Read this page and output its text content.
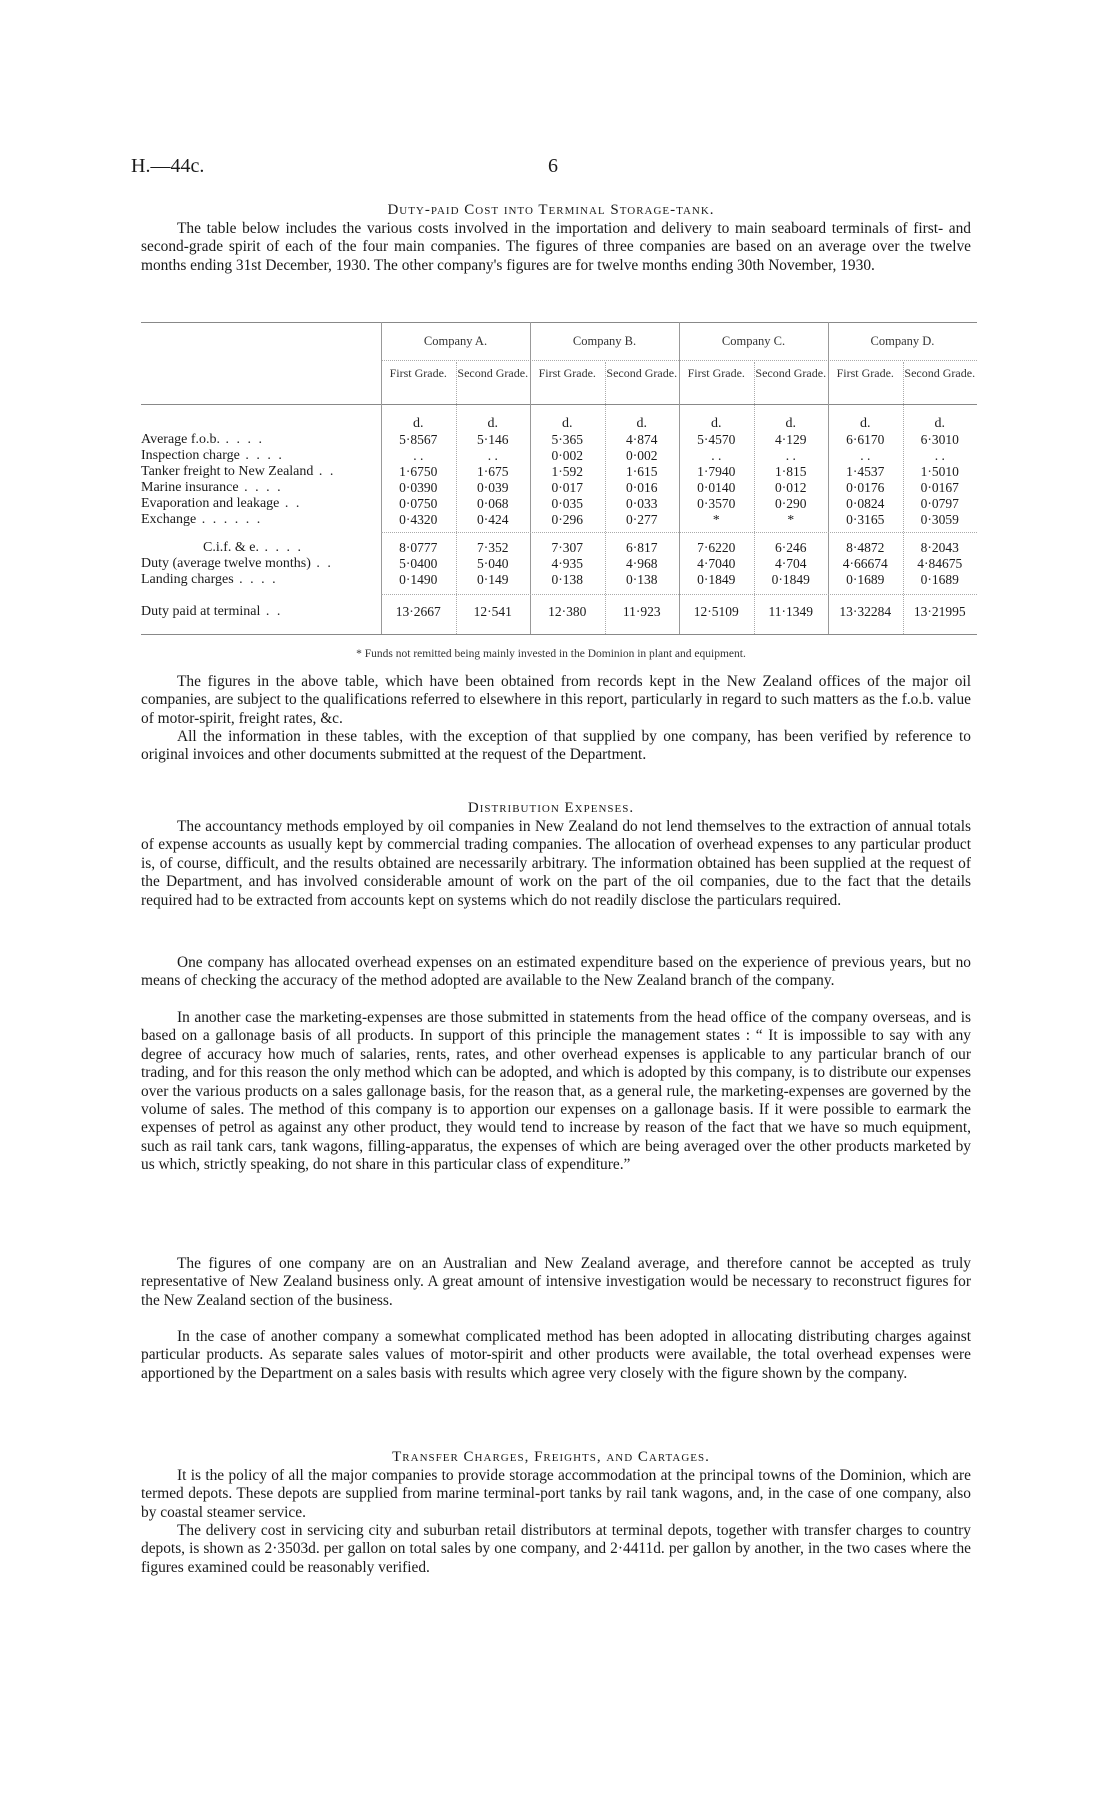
H.—44c.	6
Duty-paid Cost into Terminal Storage-tank.

The table below includes the various costs involved in the importation and delivery to main seaboard terminals of first- and second-grade spirit of each of the four main companies. The figures of three companies are based on an average over the twelve months ending 31st December, 1930. The other company's figures are for twelve months ending 30th November, 1930.

Company A.
First Grade. Second Grade.
Company B.
First Grade. Second Grade.
Company C.
First Grade. Second Grade.
Company D.
First Grade. Second Grade.
d.	d.	d.	d.	d.	d.	d.	d.
Average f.o.b. . . . .	5·8567	5·146	5·365	4·874	5·4570	4·129	6·6170	6·3010
Inspection charge . . . .	. .	. .	0·002	0·002	. .	. .	. .	. .
Tanker freight to New Zealand . .	1·6750	1·675	1·592	1·615	1·7940	1·815	1·4537	1·5010
Marine insurance . . . .	0·0390	0·039	0·017	0·016	0·0140	0·012	0·0176	0·0167
Evaporation and leakage . .	0·0750	0·068	0·035	0·033	0·3570	0·290	0·0824	0·0797
Exchange . . . . . .	0·4320	0·424	0·296	0·277	*	*	0·3165	0·3059
C.i.f. & e. . . . .	8·0777	7·352	7·307	6·817	7·6220	6·246	8·4872	8·2043
Duty (average twelve months) . .	5·0400	5·040	4·935	4·968	4·7040	4·704	4·66674	4·84675
Landing charges . . . .	0·1490	0·149	0·138	0·138	0·1849	0·1849	0·1689	0·1689
Duty paid at terminal . .	13·2667	12·541	12·380	11·923	12·5109	11·1349	13·32284	13·21995
* Funds not remitted being mainly invested in the Dominion in plant and equipment.

The figures in the above table, which have been obtained from records kept in the New Zealand offices of the major oil companies, are subject to the qualifications referred to elsewhere in this report, particularly in regard to such matters as the f.o.b. value of motor-spirit, freight rates, &c.

All the information in these tables, with the exception of that supplied by one company, has been verified by reference to original invoices and other documents submitted at the request of the Department.

Distribution Expenses.

The accountancy methods employed by oil companies in New Zealand do not lend themselves to the extraction of annual totals of expense accounts as usually kept by commercial trading companies. The allocation of overhead expenses to any particular product is, of course, difficult, and the results obtained are necessarily arbitrary. The information obtained has been supplied at the request of the Department, and has involved considerable amount of work on the part of the oil companies, due to the fact that the details required had to be extracted from accounts kept on systems which do not readily disclose the particulars required.

One company has allocated overhead expenses on an estimated expenditure based on the experience of previous years, but no means of checking the accuracy of the method adopted are available to the New Zealand branch of the company.

In another case the marketing-expenses are those submitted in statements from the head office of the company overseas, and is based on a gallonage basis of all products. In support of this principle the management states : “ It is impossible to say with any degree of accuracy how much of salaries, rents, rates, and other overhead expenses is applicable to any particular branch of our trading, and for this reason the only method which can be adopted, and which is adopted by this company, is to distribute our expenses over the various products on a sales gallonage basis, for the reason that, as a general rule, the marketing-expenses are governed by the volume of sales. The method of this company is to apportion our expenses on a gallonage basis. If it were possible to earmark the expenses of petrol as against any other product, they would tend to increase by reason of the fact that we have so much equipment, such as rail tank cars, tank wagons, filling-apparatus, the expenses of which are being averaged over the other products marketed by us which, strictly speaking, do not share in this particular class of expenditure.”

The figures of one company are on an Australian and New Zealand average, and therefore cannot be accepted as truly representative of New Zealand business only. A great amount of intensive investigation would be necessary to reconstruct figures for the New Zealand section of the business.

In the case of another company a somewhat complicated method has been adopted in allocating distributing charges against particular products. As separate sales values of motor-spirit and other products were available, the total overhead expenses were apportioned by the Department on a sales basis with results which agree very closely with the figure shown by the company.

Transfer Charges, Freights, and Cartages.

It is the policy of all the major companies to provide storage accommodation at the principal towns of the Dominion, which are termed depots. These depots are supplied from marine terminal-port tanks by rail tank wagons, and, in the case of one company, also by coastal steamer service.

The delivery cost in servicing city and suburban retail distributors at terminal depots, together with transfer charges to country depots, is shown as 2·3503d. per gallon on total sales by one company, and 2·4411d. per gallon by another, in the two cases where the figures examined could be reasonably verified.
